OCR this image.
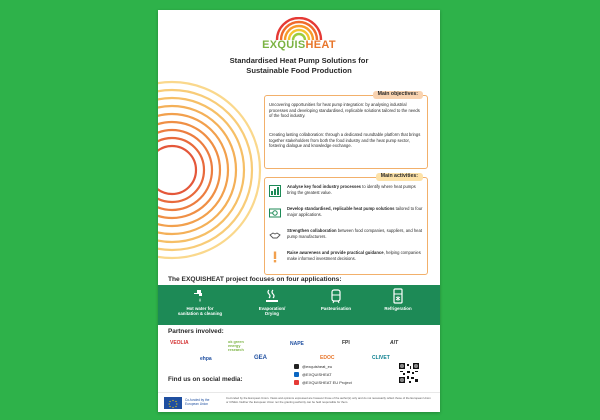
EXQUISHEAT
Standardised Heat Pump Solutions for
Sustainable Food Production
Main objectives:
Uncovering opportunities for heat pump integration: by analysing industrial processes and developing standardised, replicable solutions tailored to the needs of the food industry.
Creating lasting collaboration: through a dedicated roundtable platform that brings together stakeholders from both the food industry and the heat pump sector, fostering dialogue and knowledge exchange.
Main activities:
Analyse key food industry processes to identify where heat pumps bring the greatest value.
Develop standardised, replicable heat pump solutions tailored to four major applications.
Strengthen collaboration between food companies, suppliers, and heat pump manufacturers.
Raise awareness and provide practical guidance, helping companies make informed investment decisions.
The EXQUISHEAT project focuses on four applications:
Hot water for
sanitation & cleaning
Evaporation/
Drying
Pasteurisation	Refrigeration
Partners involved:
VEOLIA	ok green energy research
NAPE	FPI	AIT
ehpa	GEA	EDOC	CLIVET
Find us on social media:
@exquisheat_eu
@EXQUISHEAT
@EXQUISHEAT EU Project
Co-funded by the European Union
Co-funded by the European Union. Views and opinions expressed are however those of the author(s) only and do not necessarily reflect those of the European Union or CINEA. Neither the European Union nor the granting authority can be held responsible for them.
